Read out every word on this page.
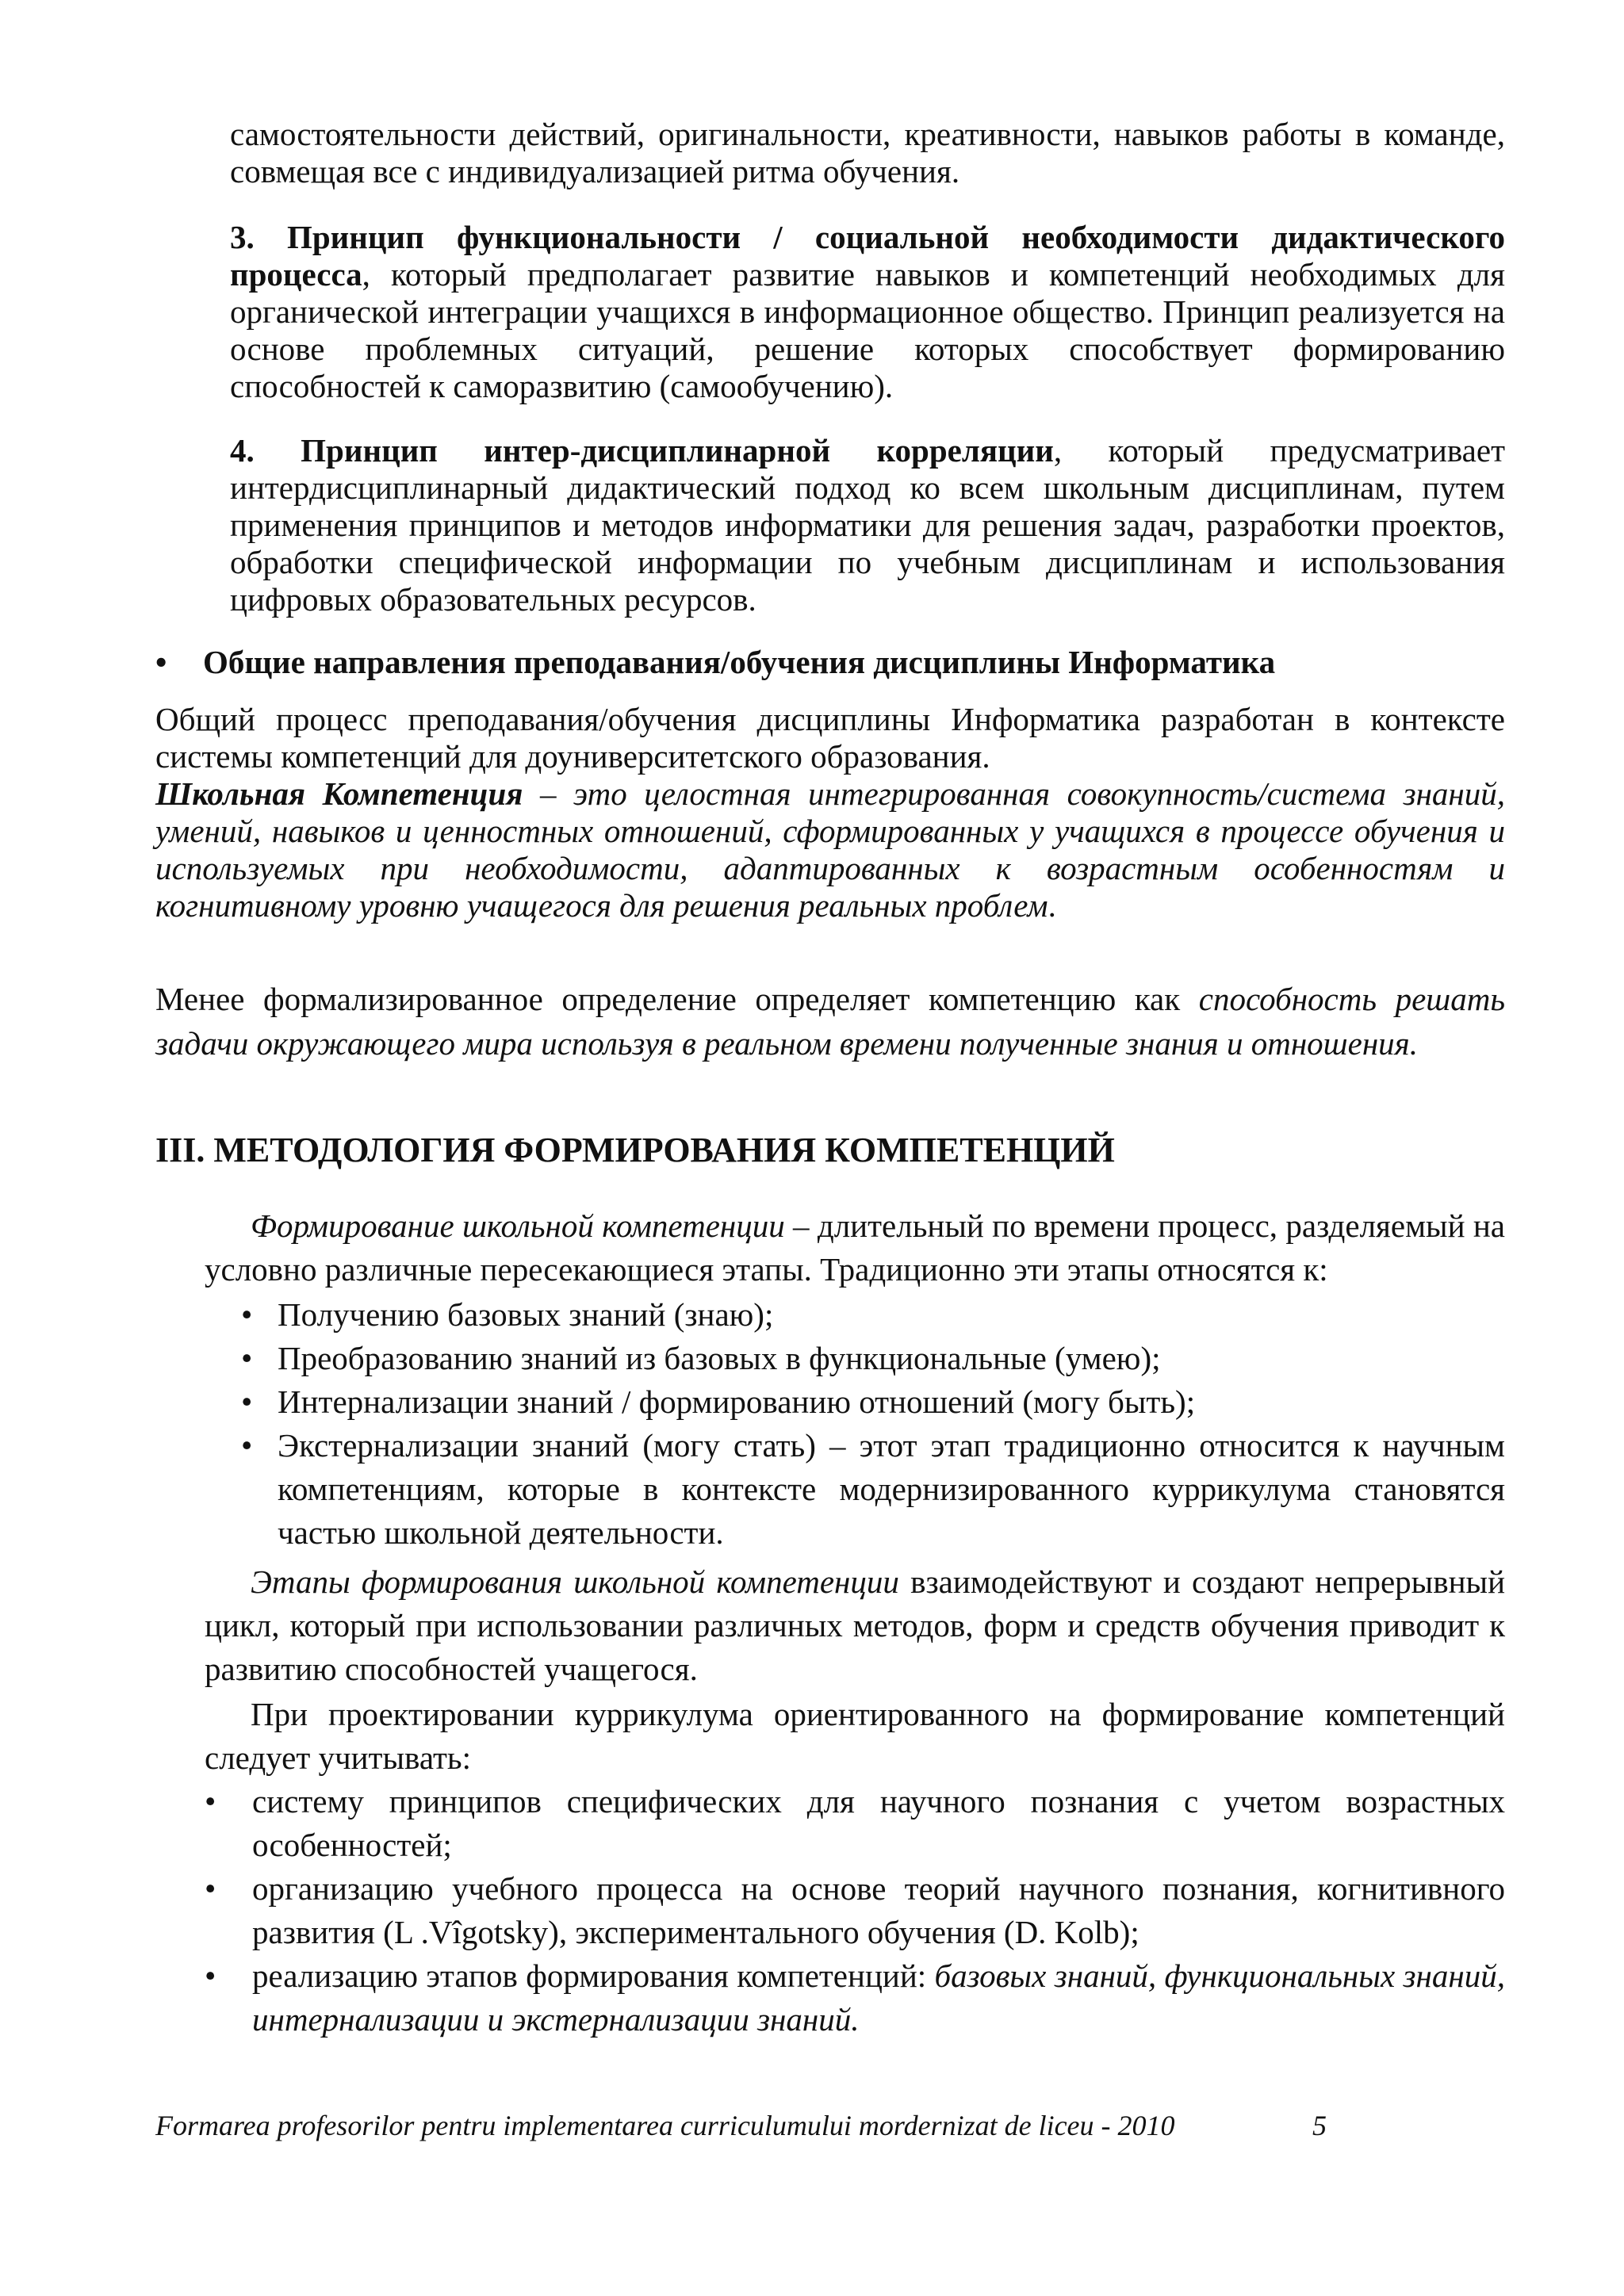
самостоятельности действий, оригинальности, креативности, навыков работы в команде, совмещая все с индивидуализацией ритма обучения.
3. Принцип функциональности / социальной необходимости дидактического процесса, который предполагает развитие навыков и компетенций необходимых для органической интеграции учащихся в информационное общество. Принцип реализуется на основе проблемных ситуаций, решение которых способствует формированию способностей к саморазвитию (самообучению).
4. Принцип интер-дисциплинарной корреляции, который предусматривает интердисциплинарный дидактический подход ко всем школьным дисциплинам, путем применения принципов и методов информатики для решения задач, разработки проектов, обработки специфической информации по учебным дисциплинам и использования цифровых образовательных ресурсов.
• Общие направления преподавания/обучения дисциплины Информатика
Общий процесс преподавания/обучения дисциплины Информатика разработан в контексте системы компетенций для доуниверситетского образования.
Школьная Компетенция – это целостная интегрированная совокупность/система знаний, умений, навыков и ценностных отношений, сформированных у учащихся в процессе обучения и используемых при необходимости, адаптированных к возрастным особенностям и когнитивному уровню учащегося для решения реальных проблем.
Менее формализированное определение определяет компетенцию как способность решать задачи окружающего мира используя в реальном времени полученные знания и отношения.
III. МЕТОДОЛОГИЯ ФОРМИРОВАНИЯ КОМПЕТЕНЦИЙ
Формирование школьной компетенции – длительный по времени процесс, разделяемый на условно различные пересекающиеся этапы. Традиционно эти этапы относятся к:
• Получению базовых знаний (знаю);
• Преобразованию знаний из базовых в функциональные (умею);
• Интернализации знаний / формированию отношений (могу быть);
• Экстернализации знаний (могу стать) – этот этап традиционно относится к научным компетенциям, которые в контексте модернизированного куррикулума становятся частью школьной деятельности.
Этапы формирования школьной компетенции взаимодействуют и создают непрерывный цикл, который при использовании различных методов, форм и средств обучения приводит к развитию способностей учащегося.
При проектировании куррикулума ориентированного на формирование компетенций следует учитывать:
• систему принципов специфических для научного познания с учетом возрастных особенностей;
• организацию учебного процесса на основе теорий научного познания, когнитивного развития (L .Vîgotsky), экспериментального обучения (D. Kolb);
• реализацию этапов формирования компетенций: базовых знаний, функциональных знаний, интернализации и экстернализации знаний.
Formarea profesorilor pentru implementarea curriculumului mordernizat de liceu - 2010	5
